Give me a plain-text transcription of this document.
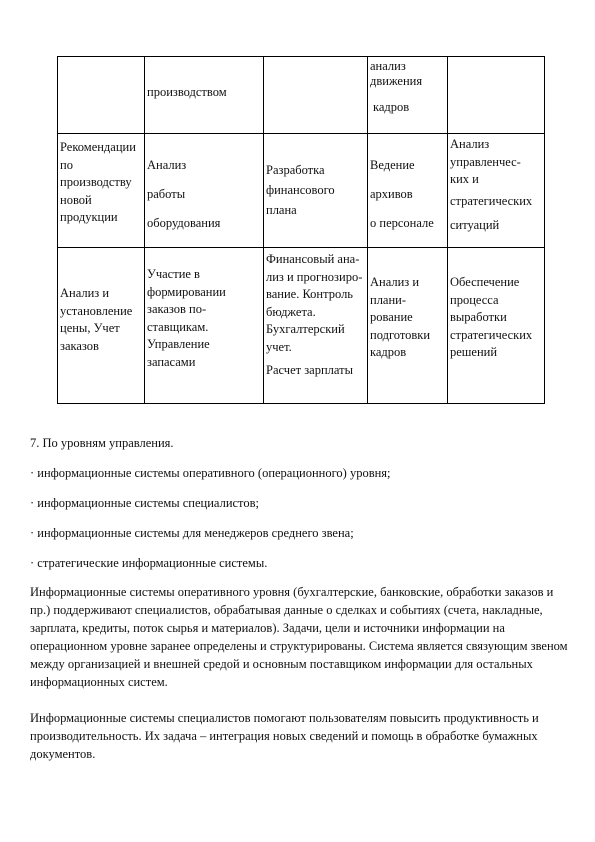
производством
анализ
движения
кадров
Рекомендации
по
производству
новой
продукции
Анализ
работы
оборудования
Разработка
финансового
плана
Ведение
архивов
о персонале
Анализ
управленчес-
ких и
стратегических
ситуаций
Анализ и
установление
цены, Учет
заказов
Участие в
формировании
заказов по-
ставщикам.
Управление
запасами
Финансовый ана-
лиз и прогнозиро-
вание. Контроль
бюджета.
Бухгалтерский
учет.
Расчет зарплаты
Анализ и
плани-
рование
подготовки
кадров
Обеспечение
процесса
выработки
стратегических
решений
7. По уровням управления.
· информационные системы оперативного (операционного) уровня;
· информационные системы специалистов;
· информационные системы для менеджеров среднего звена;
· стратегические информационные системы.
Информационные системы оперативного уровня (бухгалтерские, банковские, обработки заказов и пр.) поддерживают специалистов, обрабатывая данные о сделках и событиях (счета, накладные, зарплата, кредиты, поток сырья и материалов). Задачи, цели и источники информации на операционном уровне заранее определены и структурированы. Система является связующим звеном между организацией и внешней средой и основным поставщиком информации для остальных информационных систем.
Информационные системы специалистов помогают пользователям повысить продуктивность и производительность. Их задача – интеграция новых сведений и помощь в обработке бумажных документов.
